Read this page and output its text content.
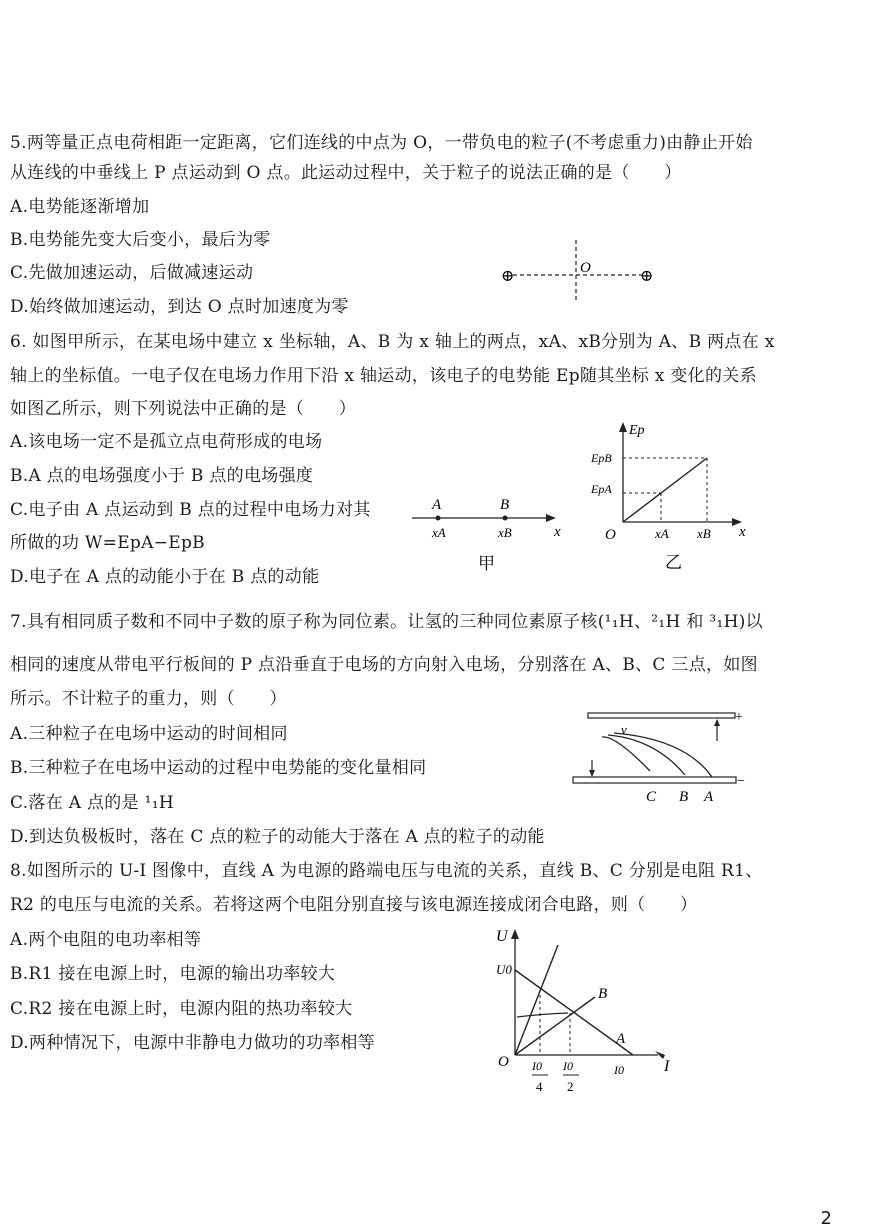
5.两等量正点电荷相距一定距离，它们连线的中点为 O，一带负电的粒子(不考虑重力)由静止开始
从连线的中垂线上 P 点运动到 O 点。此运动过程中，关于粒子的说法正确的是（　　）
A.电势能逐渐增加
B.电势能先变大后变小，最后为零
C.先做加速运动，后做减速运动
D.始终做加速运动，到达 O 点时加速度为零
⊕	⊕
O
6. 如图甲所示，在某电场中建立 x 坐标轴，A、B 为 x 轴上的两点，xA、xB分别为 A、B 两点在 x
轴上的坐标值。一电子仅在电场力作用下沿 x 轴运动，该电子的电势能 Ep随其坐标 x 变化的关系
如图乙所示，则下列说法中正确的是（　　）
A.该电场一定不是孤立点电荷形成的电场
B.A 点的电场强度小于 B 点的电场强度
C.电子由 A 点运动到 B 点的过程中电场力对其
所做的功 W=EpA−EpB
D.电子在 A 点的动能小于在 B 点的动能
A	B
xA	xB	x
甲
Ep
EpB
EpA
O	xA xB x
乙
7.具有相同质子数和不同中子数的原子称为同位素。让氢的三种同位素原子核(¹₁H、²₁H 和 ³₁H)以
相同的速度从带电平行板间的 P 点沿垂直于电场的方向射入电场，分别落在 A、B、C 三点，如图
所示。不计粒子的重力，则（　　）
A.三种粒子在电场中运动的时间相同
B.三种粒子在电场中运动的过程中电势能的变化量相同
C.落在 A 点的是 ¹₁H
D.到达负极板时，落在 C 点的粒子的动能大于落在 A 点的粒子的动能
+
−
v
C B A
8.如图所示的 U-I 图像中，直线 A 为电源的路端电压与电流的关系，直线 B、C 分别是电阻 R1、
R2 的电压与电流的关系。若将这两个电阻分别直接与该电源连接成闭合电路，则（　　）
A.两个电阻的电功率相等
B.R1 接在电源上时，电源的输出功率较大
C.R2 接在电源上时，电源内阻的热功率较大
D.两种情况下，电源中非静电力做功的功率相等
U
U0
B
A
O I0
4
I0
2
I0	I
2
